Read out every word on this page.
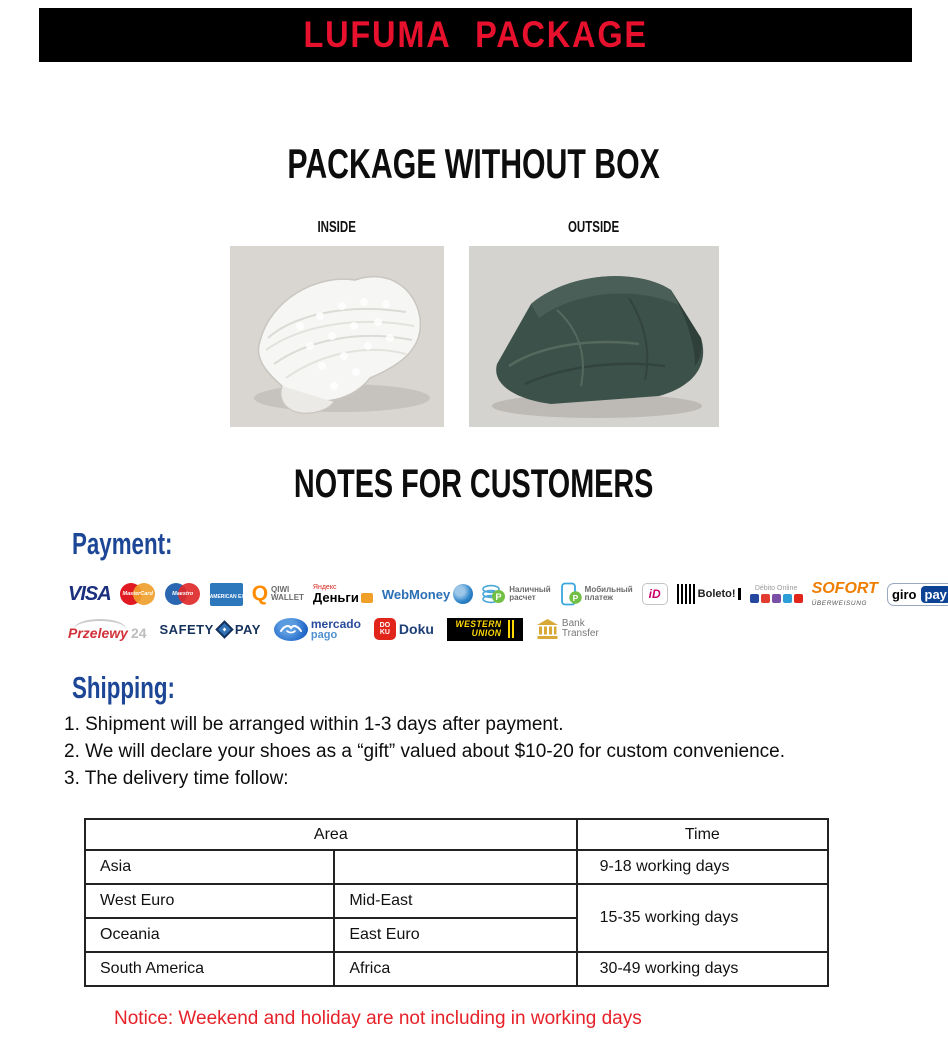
LUFUMA PACKAGE
PACKAGE WITHOUT BOX
INSIDE	OUTSIDE
NOTES FOR CUSTOMERS
Payment:
VISA	MasterCard	Maestro	AMERICAN EXPRESS
Q QIWI
WALLET
Яндекс
Деньги WebMoney	P
Наличный
расчет	P
Мобильный
платеж	iD	Boleto!	Débito Online SOFORT
ÜBERWEISUNG
giro pay
Przelewy 24 SAFETY PAY	mercado
pago
DO
KU Doku WESTERN
UNION
Bank
Transfer
Shipping:
1. Shipment will be arranged within 1-3 days after payment.
2. We will declare your shoes as a “gift” valued about $10-20 for custom convenience.
3. The delivery time follow:
Area		Time
Asia		9-18 working days
West Euro	Mid-East	15-35 working days
Oceania	East Euro	
South America	Africa	30-49 working days
Notice: Weekend and holiday are not including in working days
